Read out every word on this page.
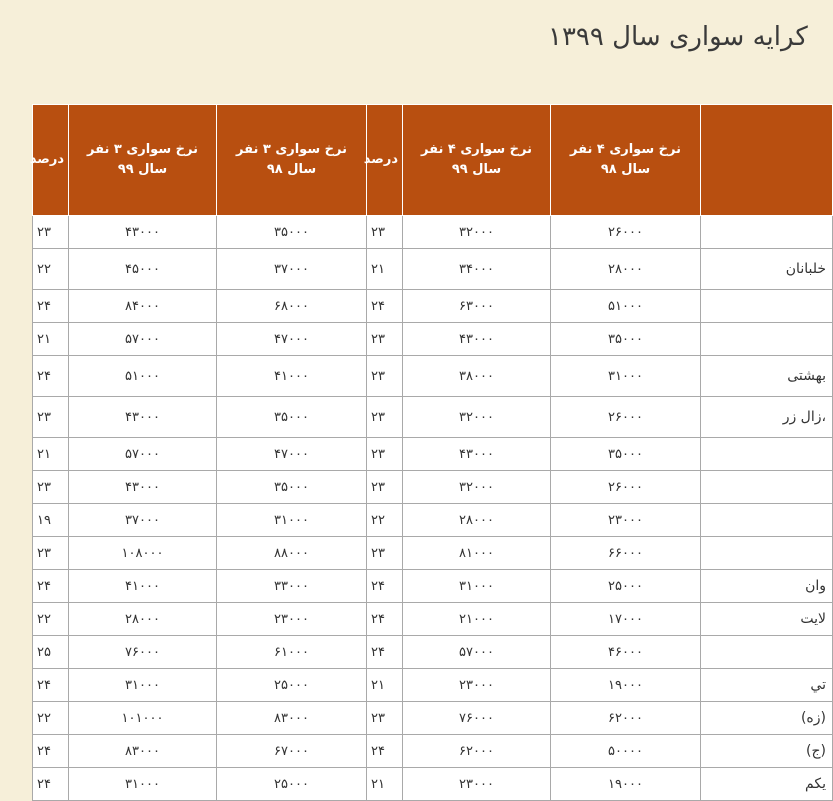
کرایه سواری سال ۱۳۹۹
درصد	نرخ سواری ۳ نفر سال ۹۹	نرخ سواری ۳ نفر سال ۹۸	درصد	نرخ سواری ۴ نفر سال ۹۹	نرخ سواری ۴ نفر سال ۹۸	
۲۳	۴۳۰۰۰	۳۵۰۰۰	۲۳	۳۲۰۰۰	۲۶۰۰۰	
۲۲	۴۵۰۰۰	۳۷۰۰۰	۲۱	۳۴۰۰۰	۲۸۰۰۰	خلبانان
۲۴	۸۴۰۰۰	۶۸۰۰۰	۲۴	۶۳۰۰۰	۵۱۰۰۰	
۲۱	۵۷۰۰۰	۴۷۰۰۰	۲۳	۴۳۰۰۰	۳۵۰۰۰	
۲۴	۵۱۰۰۰	۴۱۰۰۰	۲۳	۳۸۰۰۰	۳۱۰۰۰	بهشتی
۲۳	۴۳۰۰۰	۳۵۰۰۰	۲۳	۳۲۰۰۰	۲۶۰۰۰	،زال زر
۲۱	۵۷۰۰۰	۴۷۰۰۰	۲۳	۴۳۰۰۰	۳۵۰۰۰	
۲۳	۴۳۰۰۰	۳۵۰۰۰	۲۳	۳۲۰۰۰	۲۶۰۰۰	
۱۹	۳۷۰۰۰	۳۱۰۰۰	۲۲	۲۸۰۰۰	۲۳۰۰۰	
۲۳	۱۰۸۰۰۰	۸۸۰۰۰	۲۳	۸۱۰۰۰	۶۶۰۰۰	
۲۴	۴۱۰۰۰	۳۳۰۰۰	۲۴	۳۱۰۰۰	۲۵۰۰۰	وان
۲۲	۲۸۰۰۰	۲۳۰۰۰	۲۴	۲۱۰۰۰	۱۷۰۰۰	لایت
۲۵	۷۶۰۰۰	۶۱۰۰۰	۲۴	۵۷۰۰۰	۴۶۰۰۰	
۲۴	۳۱۰۰۰	۲۵۰۰۰	۲۱	۲۳۰۰۰	۱۹۰۰۰	تي
۲۲	۱۰۱۰۰۰	۸۳۰۰۰	۲۳	۷۶۰۰۰	۶۲۰۰۰	(زه)
۲۴	۸۳۰۰۰	۶۷۰۰۰	۲۴	۶۲۰۰۰	۵۰۰۰۰	(ج)
۲۴	۳۱۰۰۰	۲۵۰۰۰	۲۱	۲۳۰۰۰	۱۹۰۰۰	یکم
